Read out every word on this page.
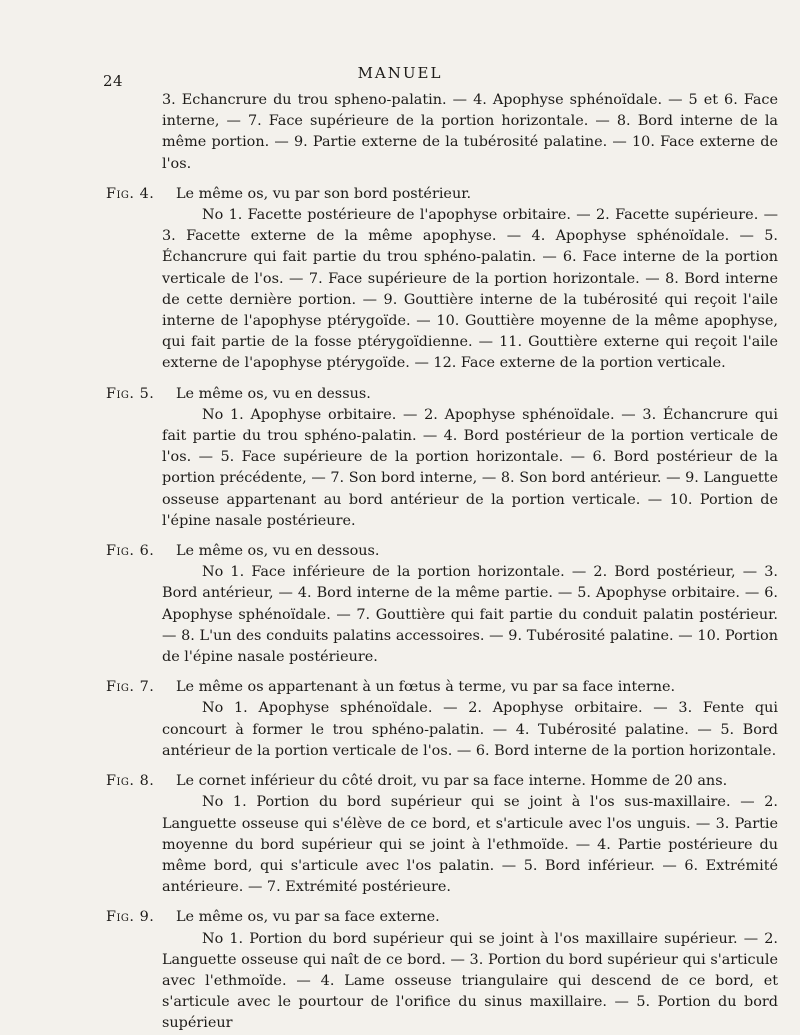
24	MANUEL

3. Echancrure du trou spheno-palatin. — 4. Apophyse sphénoïdale. — 5 et 6. Face interne, — 7. Face supérieure de la portion horizontale. — 8. Bord interne de la même portion. — 9. Partie externe de la tubérosité palatine. — 10. Face externe de l'os.

Fig. 4. Le même os, vu par son bord postérieur.

No 1. Facette postérieure de l'apophyse orbitaire. — 2. Facette supérieure. — 3. Facette externe de la même apophyse. — 4. Apophyse sphénoïdale. — 5. Échancrure qui fait partie du trou sphéno-palatin. — 6. Face interne de la portion verticale de l'os. — 7. Face supérieure de la portion horizontale. — 8. Bord interne de cette dernière portion. — 9. Gouttière interne de la tubérosité qui reçoit l'aile interne de l'apophyse ptérygoïde. — 10. Gouttière moyenne de la même apophyse, qui fait partie de la fosse ptérygoïdienne. — 11. Gouttière externe qui reçoit l'aile externe de l'apophyse ptérygoïde. — 12. Face externe de la portion verticale.

Fig. 5. Le même os, vu en dessus.

No 1. Apophyse orbitaire. — 2. Apophyse sphénoïdale. — 3. Échancrure qui fait partie du trou sphéno-palatin. — 4. Bord postérieur de la portion verticale de l'os. — 5. Face supérieure de la portion horizontale. — 6. Bord postérieur de la portion précédente, — 7. Son bord interne, — 8. Son bord antérieur. — 9. Languette osseuse appartenant au bord antérieur de la portion verticale. — 10. Portion de l'épine nasale postérieure.

Fig. 6. Le même os, vu en dessous.

No 1. Face inférieure de la portion horizontale. — 2. Bord postérieur, — 3. Bord antérieur, — 4. Bord interne de la même partie. — 5. Apophyse orbitaire. — 6. Apophyse sphénoïdale. — 7. Gouttière qui fait partie du conduit palatin postérieur. — 8. L'un des conduits palatins accessoires. — 9. Tubérosité palatine. — 10. Portion de l'épine nasale postérieure.

Fig. 7. Le même os appartenant à un fœtus à terme, vu par sa face interne.

No 1. Apophyse sphénoïdale. — 2. Apophyse orbitaire. — 3. Fente qui concourt à former le trou sphéno-palatin. — 4. Tubérosité palatine. — 5. Bord antérieur de la portion verticale de l'os. — 6. Bord interne de la portion horizontale.

Fig. 8. Le cornet inférieur du côté droit, vu par sa face interne. Homme de 20 ans.

No 1. Portion du bord supérieur qui se joint à l'os sus-maxillaire. — 2. Languette osseuse qui s'élève de ce bord, et s'articule avec l'os unguis. — 3. Partie moyenne du bord supérieur qui se joint à l'ethmoïde. — 4. Partie postérieure du même bord, qui s'articule avec l'os palatin. — 5. Bord inférieur. — 6. Extrémité antérieure. — 7. Extrémité postérieure.

Fig. 9. Le même os, vu par sa face externe.

No 1. Portion du bord supérieur qui se joint à l'os maxillaire supérieur. — 2. Languette osseuse qui naît de ce bord. — 3. Portion du bord supérieur qui s'articule avec l'ethmoïde. — 4. Lame osseuse triangulaire qui descend de ce bord, et s'articule avec le pourtour de l'orifice du sinus maxillaire. — 5. Portion du bord supérieur
